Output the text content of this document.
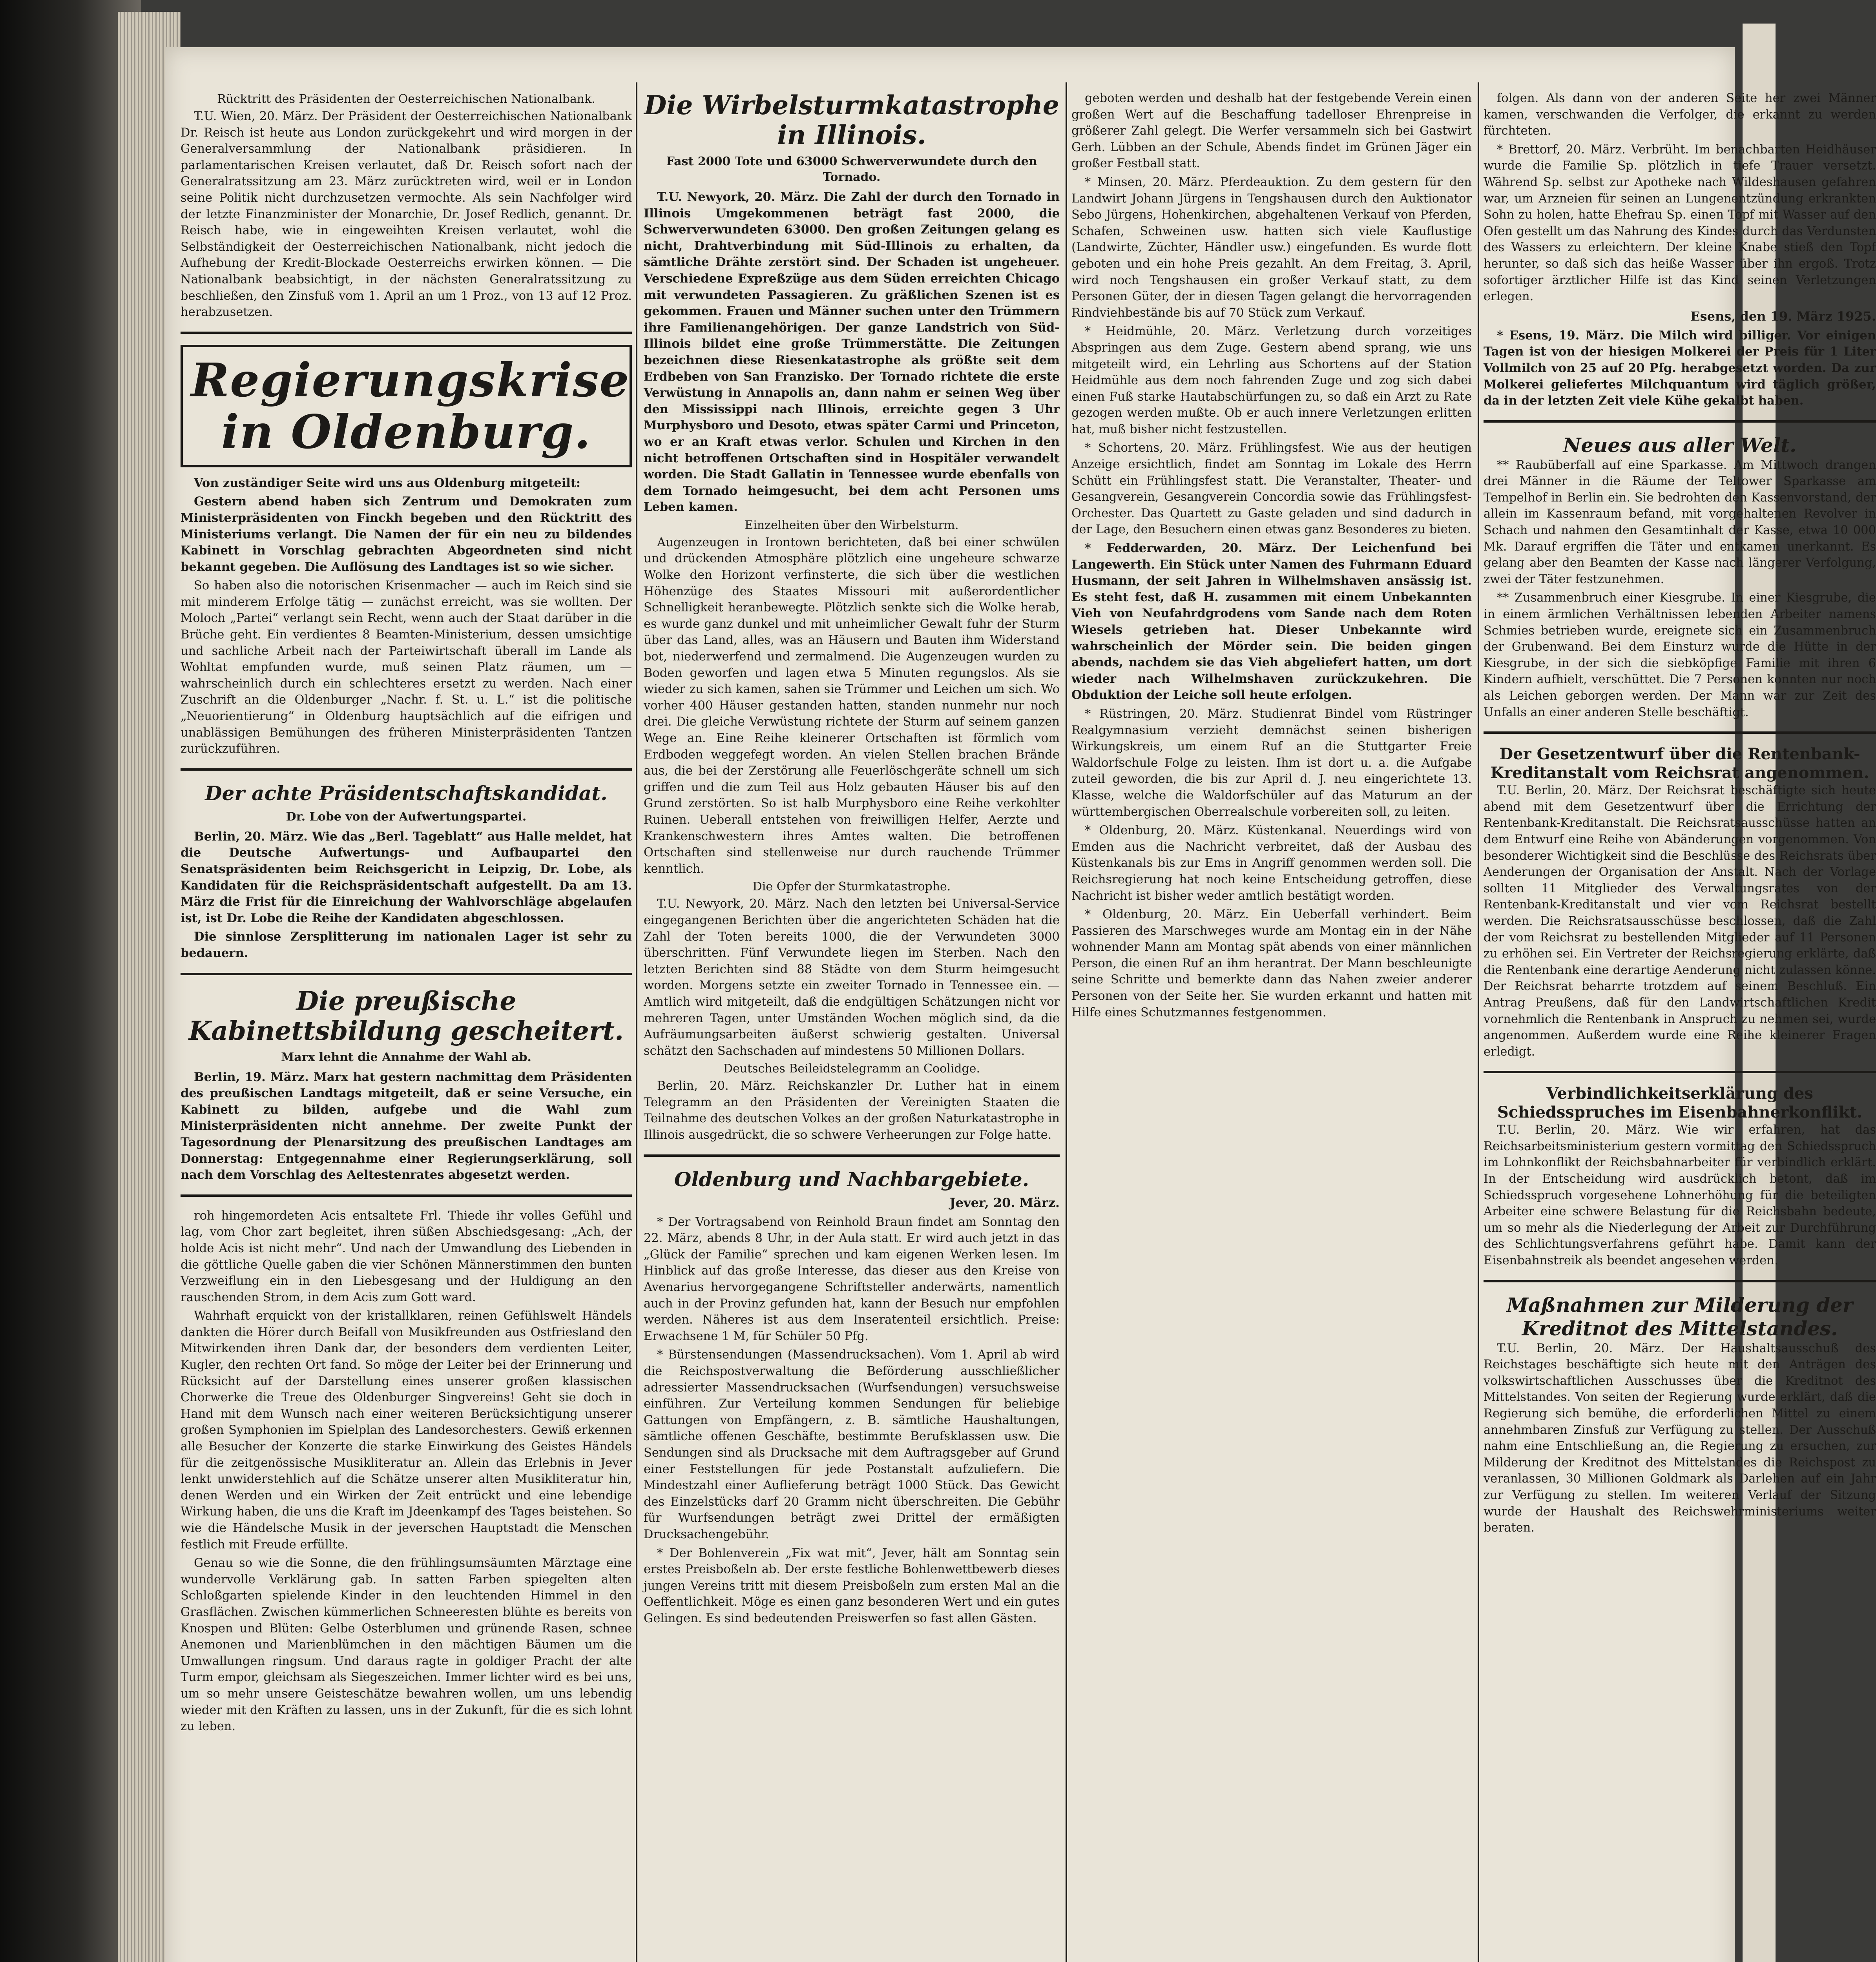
Rücktritt des Präsidenten der Oesterreichischen Nationalbank.

T.U. Wien, 20. März. Der Präsident der Oesterreichischen Nationalbank Dr. Reisch ist heute aus London zurückgekehrt und wird morgen in der Generalversammlung der Nationalbank präsidieren. In parlamentarischen Kreisen verlautet, daß Dr. Reisch sofort nach der Generalratssitzung am 23. März zurücktreten wird, weil er in London seine Politik nicht durchzusetzen vermochte. Als sein Nachfolger wird der letzte Finanzminister der Monarchie, Dr. Josef Redlich, genannt. Dr. Reisch habe, wie in eingeweihten Kreisen verlautet, wohl die Selbständigkeit der Oesterreichischen Nationalbank, nicht jedoch die Aufhebung der Kredit-Blockade Oesterreichs erwirken können. — Die Nationalbank beabsichtigt, in der nächsten Generalratssitzung zu beschließen, den Zinsfuß vom 1. April an um 1 Proz., von 13 auf 12 Proz. herabzusetzen.

Regierungskrise in Oldenburg.

Von zuständiger Seite wird uns aus Oldenburg mitgeteilt:

Gestern abend haben sich Zentrum und Demokraten zum Ministerpräsidenten von Finckh begeben und den Rücktritt des Ministeriums verlangt. Die Namen der für ein neu zu bildendes Kabinett in Vorschlag gebrachten Abgeordneten sind nicht bekannt gegeben. Die Auflösung des Landtages ist so wie sicher.

So haben also die notorischen Krisenmacher — auch im Reich sind sie mit minderem Erfolge tätig — zunächst erreicht, was sie wollten. Der Moloch „Partei“ verlangt sein Recht, wenn auch der Staat darüber in die Brüche geht. Ein verdientes 8 Beamten-Ministerium, dessen umsichtige und sachliche Arbeit nach der Parteiwirtschaft überall im Lande als Wohltat empfunden wurde, muß seinen Platz räumen, um — wahrscheinlich durch ein schlechteres ersetzt zu werden. Nach einer Zuschrift an die Oldenburger „Nachr. f. St. u. L.“ ist die politische „Neuorientierung“ in Oldenburg hauptsächlich auf die eifrigen und unablässigen Bemühungen des früheren Ministerpräsidenten Tantzen zurückzuführen.

Der achte Präsidentschaftskandidat.
Dr. Lobe von der Aufwertungspartei.

Berlin, 20. März. Wie das „Berl. Tageblatt“ aus Halle meldet, hat die Deutsche Aufwertungs- und Aufbaupartei den Senatspräsidenten beim Reichsgericht in Leipzig, Dr. Lobe, als Kandidaten für die Reichspräsidentschaft aufgestellt. Da am 13. März die Frist für die Einreichung der Wahlvorschläge abgelaufen ist, ist Dr. Lobe die Reihe der Kandidaten abgeschlossen.

Die sinnlose Zersplitterung im nationalen Lager ist sehr zu bedauern.

Die preußische Kabinettsbildung gescheitert.
Marx lehnt die Annahme der Wahl ab.

Berlin, 19. März. Marx hat gestern nachmittag dem Präsidenten des preußischen Landtags mitgeteilt, daß er seine Versuche, ein Kabinett zu bilden, aufgebe und die Wahl zum Ministerpräsidenten nicht annehme. Der zweite Punkt der Tagesordnung der Plenarsitzung des preußischen Landtages am Donnerstag: Entgegennahme einer Regierungserklärung, soll nach dem Vorschlag des Aeltestenrates abgesetzt werden.

roh hingemordeten Acis entsaltete Frl. Thiede ihr volles Gefühl und lag, vom Chor zart begleitet, ihren süßen Abschiedsgesang: „Ach, der holde Acis ist nicht mehr“. Und nach der Umwandlung des Liebenden in die göttliche Quelle gaben die vier Schönen Männerstimmen den bunten Verzweiflung ein in den Liebesgesang und der Huldigung an den rauschenden Strom, in dem Acis zum Gott ward.

Wahrhaft erquickt von der kristallklaren, reinen Gefühlswelt Händels dankten die Hörer durch Beifall von Musikfreunden aus Ostfriesland den Mitwirkenden ihren Dank dar, der besonders dem verdienten Leiter, Kugler, den rechten Ort fand. So möge der Leiter bei der Erinnerung und Rücksicht auf der Darstellung eines unserer großen klassischen Chorwerke die Treue des Oldenburger Singvereins! Geht sie doch in Hand mit dem Wunsch nach einer weiteren Berücksichtigung unserer großen Symphonien im Spielplan des Landesorchesters. Gewiß erkennen alle Besucher der Konzerte die starke Einwirkung des Geistes Händels für die zeitgenössische Musikliteratur an. Allein das Erlebnis in Jever lenkt unwiderstehlich auf die Schätze unserer alten Musikliteratur hin, denen Werden und ein Wirken der Zeit entrückt und eine lebendige Wirkung haben, die uns die Kraft im Jdeenkampf des Tages beistehen. So wie die Händelsche Musik in der jeverschen Hauptstadt die Menschen festlich mit Freude erfüllte.

Genau so wie die Sonne, die den frühlingsumsäumten Märztage eine wundervolle Verklärung gab. In satten Farben spiegelten alten Schloßgarten spielende Kinder in den leuchtenden Himmel in den Grasflächen. Zwischen kümmerlichen Schneeresten blühte es bereits von Knospen und Blüten: Gelbe Osterblumen und grünende Rasen, schnee Anemonen und Marienblümchen in den mächtigen Bäumen um die Umwallungen ringsum. Und daraus ragte in goldiger Pracht der alte Turm empor, gleichsam als Siegeszeichen. Immer lichter wird es bei uns, um so mehr unsere Geisteschätze bewahren wollen, um uns lebendig wieder mit den Kräften zu lassen, uns in der Zukunft, für die es sich lohnt zu leben.

Die Wirbelsturmkatastrophe in Illinois.
Fast 2000 Tote und 63000 Schwerverwundete durch den Tornado.

T.U. Newyork, 20. März. Die Zahl der durch den Tornado in Illinois Umgekommenen beträgt fast 2000, die Schwerverwundeten 63000. Den großen Zeitungen gelang es nicht, Drahtverbindung mit Süd-Illinois zu erhalten, da sämtliche Drähte zerstört sind. Der Schaden ist ungeheuer. Verschiedene Expreßzüge aus dem Süden erreichten Chicago mit verwundeten Passagieren. Zu gräßlichen Szenen ist es gekommen. Frauen und Männer suchen unter den Trümmern ihre Familienangehörigen. Der ganze Landstrich von Süd-Illinois bildet eine große Trümmerstätte. Die Zeitungen bezeichnen diese Riesenkatastrophe als größte seit dem Erdbeben von San Franzisko. Der Tornado richtete die erste Verwüstung in Annapolis an, dann nahm er seinen Weg über den Mississippi nach Illinois, erreichte gegen 3 Uhr Murphysboro und Desoto, etwas später Carmi und Princeton, wo er an Kraft etwas verlor. Schulen und Kirchen in den nicht betroffenen Ortschaften sind in Hospitäler verwandelt worden. Die Stadt Gallatin in Tennessee wurde ebenfalls von dem Tornado heimgesucht, bei dem acht Personen ums Leben kamen.

Einzelheiten über den Wirbelsturm.

Augenzeugen in Irontown berichteten, daß bei einer schwülen und drückenden Atmosphäre plötzlich eine ungeheure schwarze Wolke den Horizont verfinsterte, die sich über die westlichen Höhenzüge des Staates Missouri mit außerordentlicher Schnelligkeit heranbewegte. Plötzlich senkte sich die Wolke herab, es wurde ganz dunkel und mit unheimlicher Gewalt fuhr der Sturm über das Land, alles, was an Häusern und Bauten ihm Widerstand bot, niederwerfend und zermalmend. Die Augenzeugen wurden zu Boden geworfen und lagen etwa 5 Minuten regungslos. Als sie wieder zu sich kamen, sahen sie Trümmer und Leichen um sich. Wo vorher 400 Häuser gestanden hatten, standen nunmehr nur noch drei. Die gleiche Verwüstung richtete der Sturm auf seinem ganzen Wege an. Eine Reihe kleinerer Ortschaften ist förmlich vom Erdboden weggefegt worden. An vielen Stellen brachen Brände aus, die bei der Zerstörung alle Feuerlöschgeräte schnell um sich griffen und die zum Teil aus Holz gebauten Häuser bis auf den Grund zerstörten. So ist halb Murphysboro eine Reihe verkohlter Ruinen. Ueberall entstehen von freiwilligen Helfer, Aerzte und Krankenschwestern ihres Amtes walten. Die betroffenen Ortschaften sind stellenweise nur durch rauchende Trümmer kenntlich.

Die Opfer der Sturmkatastrophe.

T.U. Newyork, 20. März. Nach den letzten bei Universal-Service eingegangenen Berichten über die angerichteten Schäden hat die Zahl der Toten bereits 1000, die der Verwundeten 3000 überschritten. Fünf Verwundete liegen im Sterben. Nach den letzten Berichten sind 88 Städte von dem Sturm heimgesucht worden. Morgens setzte ein zweiter Tornado in Tennessee ein. — Amtlich wird mitgeteilt, daß die endgültigen Schätzungen nicht vor mehreren Tagen, unter Umständen Wochen möglich sind, da die Aufräumungsarbeiten äußerst schwierig gestalten. Universal schätzt den Sachschaden auf mindestens 50 Millionen Dollars.

Deutsches Beileidstelegramm an Coolidge.

Berlin, 20. März. Reichskanzler Dr. Luther hat in einem Telegramm an den Präsidenten der Vereinigten Staaten die Teilnahme des deutschen Volkes an der großen Naturkatastrophe in Illinois ausgedrückt, die so schwere Verheerungen zur Folge hatte.

Oldenburg und Nachbargebiete.
Jever, 20. März.

* Der Vortragsabend von Reinhold Braun findet am Sonntag den 22. März, abends 8 Uhr, in der Aula statt. Er wird auch jetzt in das „Glück der Familie“ sprechen und kam eigenen Werken lesen. Im Hinblick auf das große Interesse, das dieser aus den Kreise von Avenarius hervorgegangene Schriftsteller anderwärts, namentlich auch in der Provinz gefunden hat, kann der Besuch nur empfohlen werden. Näheres ist aus dem Inseratenteil ersichtlich. Preise: Erwachsene 1 M, für Schüler 50 Pfg.

* Bürstensendungen (Massendrucksachen). Vom 1. April ab wird die Reichspostverwaltung die Beförderung ausschließlicher adressierter Massendrucksachen (Wurfsendungen) versuchsweise einführen. Zur Verteilung kommen Sendungen für beliebige Gattungen von Empfängern, z. B. sämtliche Haushaltungen, sämtliche offenen Geschäfte, bestimmte Berufsklassen usw. Die Sendungen sind als Drucksache mit dem Auftragsgeber auf Grund einer Feststellungen für jede Postanstalt aufzuliefern. Die Mindestzahl einer Auflieferung beträgt 1000 Stück. Das Gewicht des Einzelstücks darf 20 Gramm nicht überschreiten. Die Gebühr für Wurfsendungen beträgt zwei Drittel der ermäßigten Drucksachengebühr.

* Der Bohlenverein „Fix wat mit“, Jever, hält am Sonntag sein erstes Preisboßeln ab. Der erste festliche Bohlenwettbewerb dieses jungen Vereins tritt mit diesem Preisboßeln zum ersten Mal an die Oeffentlichkeit. Möge es einen ganz besonderen Wert und ein gutes Gelingen. Es sind bedeutenden Preiswerfen so fast allen Gästen.

geboten werden und deshalb hat der festgebende Verein einen großen Wert auf die Beschaffung tadelloser Ehrenpreise in größerer Zahl gelegt. Die Werfer versammeln sich bei Gastwirt Gerh. Lübben an der Schule, Abends findet im Grünen Jäger ein großer Festball statt.

* Minsen, 20. März. Pferdeauktion. Zu dem gestern für den Landwirt Johann Jürgens in Tengshausen durch den Auktionator Sebo Jürgens, Hohenkirchen, abgehaltenen Verkauf von Pferden, Schafen, Schweinen usw. hatten sich viele Kauflustige (Landwirte, Züchter, Händler usw.) eingefunden. Es wurde flott geboten und ein hohe Preis gezahlt. An dem Freitag, 3. April, wird noch Tengshausen ein großer Verkauf statt, zu dem Personen Güter, der in diesen Tagen gelangt die hervorragenden Rindviehbestände bis auf 70 Stück zum Verkauf.

* Heidmühle, 20. März. Verletzung durch vorzeitiges Abspringen aus dem Zuge. Gestern abend sprang, wie uns mitgeteilt wird, ein Lehrling aus Schortens auf der Station Heidmühle aus dem noch fahrenden Zuge und zog sich dabei einen Fuß starke Hautabschürfungen zu, so daß ein Arzt zu Rate gezogen werden mußte. Ob er auch innere Verletzungen erlitten hat, muß bisher nicht festzustellen.

* Schortens, 20. März. Frühlingsfest. Wie aus der heutigen Anzeige ersichtlich, findet am Sonntag im Lokale des Herrn Schütt ein Frühlingsfest statt. Die Veranstalter, Theater- und Gesangverein, Gesangverein Concordia sowie das Frühlingsfest-Orchester. Das Quartett zu Gaste geladen und sind dadurch in der Lage, den Besuchern einen etwas ganz Besonderes zu bieten.

* Fedderwarden, 20. März. Der Leichenfund bei Langewerth. Ein Stück unter Namen des Fuhrmann Eduard Husmann, der seit Jahren in Wilhelmshaven ansässig ist. Es steht fest, daß H. zusammen mit einem Unbekannten Vieh von Neufahrdgrodens vom Sande nach dem Roten Wiesels getrieben hat. Dieser Unbekannte wird wahrscheinlich der Mörder sein. Die beiden gingen abends, nachdem sie das Vieh abgeliefert hatten, um dort wieder nach Wilhelmshaven zurückzukehren. Die Obduktion der Leiche soll heute erfolgen.

* Rüstringen, 20. März. Studienrat Bindel vom Rüstringer Realgymnasium verzieht demnächst seinen bisherigen Wirkungskreis, um einem Ruf an die Stuttgarter Freie Waldorfschule Folge zu leisten. Ihm ist dort u. a. die Aufgabe zuteil geworden, die bis zur April d. J. neu eingerichtete 13. Klasse, welche die Waldorfschüler auf das Maturum an der württembergischen Oberrealschule vorbereiten soll, zu leiten.

* Oldenburg, 20. März. Küstenkanal. Neuerdings wird von Emden aus die Nachricht verbreitet, daß der Ausbau des Küstenkanals bis zur Ems in Angriff genommen werden soll. Die Reichsregierung hat noch keine Entscheidung getroffen, diese Nachricht ist bisher weder amtlich bestätigt worden.

* Oldenburg, 20. März. Ein Ueberfall verhindert. Beim Passieren des Marschweges wurde am Montag ein in der Nähe wohnender Mann am Montag spät abends von einer männlichen Person, die einen Ruf an ihm herantrat. Der Mann beschleunigte seine Schritte und bemerkte dann das Nahen zweier anderer Personen von der Seite her. Sie wurden erkannt und hatten mit Hilfe eines Schutzmannes festgenommen.

folgen. Als dann von der anderen Seite her zwei Männer kamen, verschwanden die Verfolger, die erkannt zu werden fürchteten.

* Brettorf, 20. März. Verbrüht. Im benachbarten Heidhäuser wurde die Familie Sp. plötzlich in tiefe Trauer versetzt. Während Sp. selbst zur Apotheke nach Wildeshausen gefahren war, um Arzneien für seinen an Lungenentzündung erkrankten Sohn zu holen, hatte Ehefrau Sp. einen Topf mit Wasser auf den Ofen gestellt um das Nahrung des Kindes durch das Verdunsten des Wassers zu erleichtern. Der kleine Knabe stieß den Topf herunter, so daß sich das heiße Wasser über ihn ergoß. Trotz sofortiger ärztlicher Hilfe ist das Kind seinen Verletzungen erlegen.

Esens, den 19. März 1925.

* Esens, 19. März. Die Milch wird billiger. Vor einigen Tagen ist von der hiesigen Molkerei der Preis für 1 Liter Vollmilch von 25 auf 20 Pfg. herabgesetzt worden. Da zur Molkerei geliefertes Milchquantum wird täglich größer, da in der letzten Zeit viele Kühe gekalbt haben.

Neues aus aller Welt.

** Raubüberfall auf eine Sparkasse. Am Mittwoch drangen drei Männer in die Räume der Teltower Sparkasse am Tempelhof in Berlin ein. Sie bedrohten den Kassenvorstand, der allein im Kassenraum befand, mit vorgehaltenen Revolver in Schach und nahmen den Gesamtinhalt der Kasse, etwa 10 000 Mk. Darauf ergriffen die Täter und entkamen unerkannt. Es gelang aber den Beamten der Kasse nach längerer Verfolgung, zwei der Täter festzunehmen.

** Zusammenbruch einer Kiesgrube. In einer Kiesgrube, die in einem ärmlichen Verhältnissen lebenden Arbeiter namens Schmies betrieben wurde, ereignete sich ein Zusammenbruch der Grubenwand. Bei dem Einsturz wurde die Hütte in der Kiesgrube, in der sich die siebköpfige Familie mit ihren 6 Kindern aufhielt, verschüttet. Die 7 Personen konnten nur noch als Leichen geborgen werden. Der Mann war zur Zeit des Unfalls an einer anderen Stelle beschäftigt.

Der Gesetzentwurf über die Rentenbank-Kreditanstalt vom Reichsrat angenommen.

T.U. Berlin, 20. März. Der Reichsrat beschäftigte sich heute abend mit dem Gesetzentwurf über die Errichtung der Rentenbank-Kreditanstalt. Die Reichsratsausschüsse hatten an dem Entwurf eine Reihe von Abänderungen vorgenommen. Von besonderer Wichtigkeit sind die Beschlüsse des Reichsrats über Aenderungen der Organisation der Anstalt. Nach der Vorlage sollten 11 Mitglieder des Verwaltungsrates von der Rentenbank-Kreditanstalt und vier vom Reichsrat bestellt werden. Die Reichsratsausschüsse beschlossen, daß die Zahl der vom Reichsrat zu bestellenden Mitglieder auf 11 Personen zu erhöhen sei. Ein Vertreter der Reichsregierung erklärte, daß die Rentenbank eine derartige Aenderung nicht zulassen könne. Der Reichsrat beharrte trotzdem auf seinem Beschluß. Ein Antrag Preußens, daß für den Landwirtschaftlichen Kredit vornehmlich die Rentenbank in Anspruch zu nehmen sei, wurde angenommen. Außerdem wurde eine Reihe kleinerer Fragen erledigt.

Verbindlichkeitserklärung des Schiedsspruches im Eisenbahnerkonflikt.

T.U. Berlin, 20. März. Wie wir erfahren, hat das Reichsarbeitsministerium gestern vormittag den Schiedsspruch im Lohnkonflikt der Reichsbahnarbeiter für verbindlich erklärt. In der Entscheidung wird ausdrücklich betont, daß im Schiedsspruch vorgesehene Lohnerhöhung für die beteiligten Arbeiter eine schwere Belastung für die Reichsbahn bedeute, um so mehr als die Niederlegung der Arbeit zur Durchführung des Schlichtungsverfahrens geführt habe. Damit kann der Eisenbahnstreik als beendet angesehen werden.

Maßnahmen zur Milderung der Kreditnot des Mittelstandes.

T.U. Berlin, 20. März. Der Haushaltsausschuß des Reichstages beschäftigte sich heute mit den Anträgen des volkswirtschaftlichen Ausschusses über die Kreditnot des Mittelstandes. Von seiten der Regierung wurde erklärt, daß die Regierung sich bemühe, die erforderlichen Mittel zu einem annehmbaren Zinsfuß zur Verfügung zu stellen. Der Ausschuß nahm eine Entschließung an, die Regierung zu ersuchen, zur Milderung der Kreditnot des Mittelstandes die Reichspost zu veranlassen, 30 Millionen Goldmark als Darlehen auf ein Jahr zur Verfügung zu stellen. Im weiteren Verlauf der Sitzung wurde der Haushalt des Reichswehrministeriums weiter beraten.
